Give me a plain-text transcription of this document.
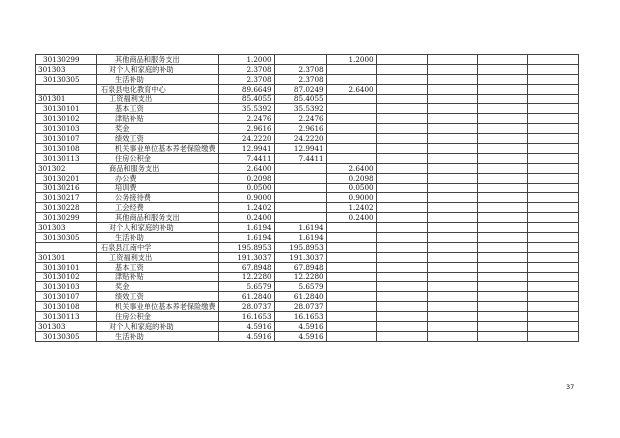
30130299	其他商品和服务支出	1.2000		1.2000				
301303	对个人和家庭的补助	2.3708	2.3708					
30130305	生活补助	2.3708	2.3708					
	石泉县电化教育中心	89.6649	87.0249	2.6400				
301301	工资福利支出	85.4055	85.4055					
30130101	基本工资	35.5392	35.5392					
30130102	津贴补贴	2.2476	2.2476					
30130103	奖金	2.9616	2.9616					
30130107	绩效工资	24.2220	24.2220					
30130108	机关事业单位基本养老保险缴费	12.9941	12.9941					
30130113	住房公积金	7.4411	7.4411					
301302	商品和服务支出	2.6400		2.6400				
30130201	办公费	0.2098		0.2098				
30130216	培训费	0.0500		0.0500				
30130217	公务接待费	0.9000		0.9000				
30130228	工会经费	1.2402		1.2402				
30130299	其他商品和服务支出	0.2400		0.2400				
301303	对个人和家庭的补助	1.6194	1.6194					
30130305	生活补助	1.6194	1.6194					
	石泉县江南中学	195.8953	195.8953					
301301	工资福利支出	191.3037	191.3037					
30130101	基本工资	67.8948	67.8948					
30130102	津贴补贴	12.2280	12.2280					
30130103	奖金	5.6579	5.6579					
30130107	绩效工资	61.2840	61.2840					
30130108	机关事业单位基本养老保险缴费	28.0737	28.0737					
30130113	住房公积金	16.1653	16.1653					
301303	对个人和家庭的补助	4.5916	4.5916					
30130305	生活补助	4.5916	4.5916					
37
